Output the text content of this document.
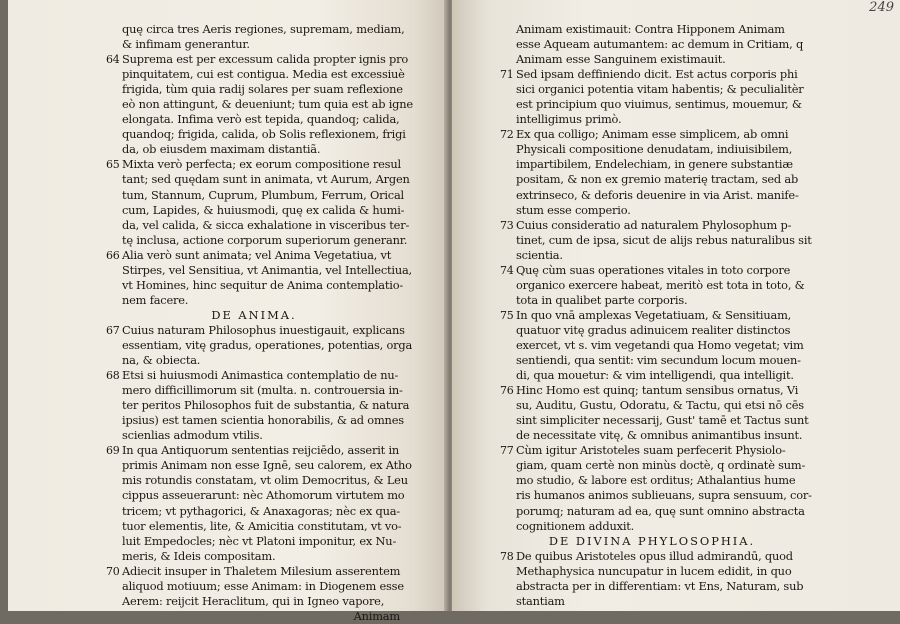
quę circa tres Aeris regiones, supremam, mediam,
& infimam generantur.
64 Suprema est per excessum calida propter ignis pro
pinquitatem, cui est contigua. Media est excessiuè
frigida, tùm quia radij solares per suam reflexione
eò non attingunt, & deueniunt; tum quia est ab igne
elongata. Infima verò est tepida, quandoq; calida,
quandoq; frigida, calida, ob Solis reflexionem, frigi
da, ob eiusdem maximam distantiã.
65 Mixta verò perfecta; ex eorum compositione resul
tant; sed quędam sunt in animata, vt Aurum, Argen
tum, Stannum, Cuprum, Plumbum, Ferrum, Orical
cum, Lapides, & huiusmodi, quę ex calida & humi-
da, vel calida, & sicca exhalatione in visceribus ter-
tę inclusa, actione corporum superiorum generanr.
66 Alia verò sunt animata; vel Anima Vegetatiua, vt
Stirpes, vel Sensitiua, vt Animantia, vel Intellectiua,
vt Homines, hinc sequitur de Anima contemplatio-
nem facere.
DE ANIMA.
67 Cuius naturam Philosophus inuestigauit, explicans
essentiam, vitę gradus, operationes, potentias, orga
na, & obiecta.
68 Etsi si huiusmodi Animastica contemplatio de nu-
mero difficillimorum sit (multa. n. controuersia in-
ter peritos Philosophos fuit de substantia, & natura
ipsius) est tamen scientia honorabilis, & ad omnes
scienlias admodum vtilis.
69 In qua Antiquorum sententias reijciēdo, asserit in
primis Animam non esse Ignē, seu calorem, ex Atho
mis rotundis constatam, vt olim Democritus, & Leu
cippus asseuerarunt: nèc Athomorum virtutem mo
tricem; vt pythagorici, & Anaxagoras; nèc ex qua-
tuor elementis, lite, & Amicitia constitutam, vt vo-
luit Empedocles; nèc vt Platoni imponitur, ex Nu-
meris, & Ideis compositam.
70 Adiecit insuper in Thaletem Milesium asserentem
aliquod motiuum; esse Animam: in Diogenem esse
Aerem: reijcit Heraclitum, qui in Igneo vapore,
Animam
249
Animam existimauit: Contra Hipponem Animam
esse Aqueam autumantem: ac demum in Critiam, q
Animam esse Sanguinem existimauit.
71 Sed ipsam deffiniendo dicit. Est actus corporis phi
sici organici potentia vitam habentis; & peculialitèr
est principium quo viuimus, sentimus, mouemur, &
intelligimus primò.
72 Ex qua colligo; Animam esse simplicem, ab omni
Physicali compositione denudatam, indiuisibilem,
impartibilem, Endelechiam, in genere substantiæ
positam, & non ex gremio materię tractam, sed ab
extrinseco, & deforis deuenire in via Arist. manife-
stum esse comperio.
73 Cuius consideratio ad naturalem Phylosophum p-
tinet, cum de ipsa, sicut de alijs rebus naturalibus sit
scientia.
74 Quę cùm suas operationes vitales in toto corpore
organico exercere habeat, meritò est tota in toto, &
tota in qualibet parte corporis.
75 In quo vnā amplexas Vegetatiuam, & Sensitiuam,
quatuor vitę gradus adinuicem realiter distinctos
exercet, vt s. vim vegetandi qua Homo vegetat; vim
sentiendi, qua sentit: vim secundum locum mouen-
di, qua mouetur: & vim intelligendi, qua intelligit.
76 Hinc Homo est quinq; tantum sensibus ornatus, Vi
su, Auditu, Gustu, Odoratu, & Tactu, qui etsi nō cēs
sint simpliciter necessarij, Gust' tamē et Tactus sunt
de necessitate vitę, & omnibus animantibus insunt.
77 Cùm igitur Aristoteles suam perfecerit Physiolo-
giam, quam certè non minùs doctè, q ordinatè sum-
mo studio, & labore est orditus; Athalantius hume
ris humanos animos sublieuans, supra sensuum, cor-
porumq; naturam ad ea, quę sunt omnino abstracta
cognitionem adduxit.
DE DIVINA PHYLOSOPHIA.
78 De quibus Aristoteles opus illud admirandū, quod
Methaphysica nuncupatur in lucem edidit, in quo
abstracta per in differentiam: vt Ens, Naturam, sub
stantiam
